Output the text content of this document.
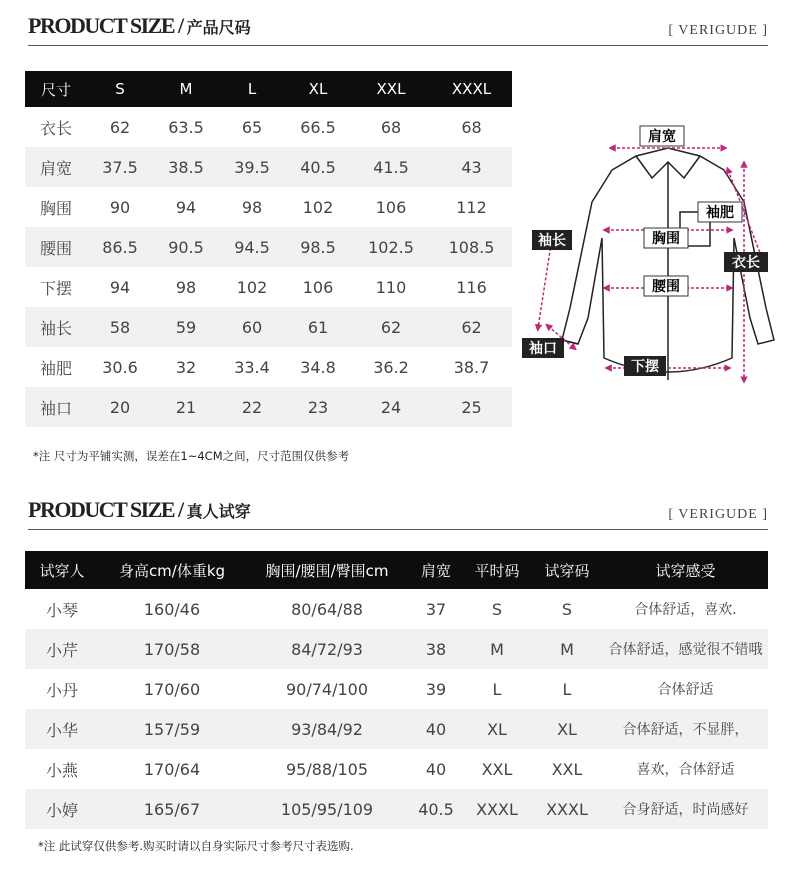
PRODUCT SIZE / 产品尺码	[ VERIGUDE ]
尺寸	S	M	L	XL	XXL	XXXL
衣长	62	63.5	65	66.5	68	68
肩宽	37.5	38.5	39.5	40.5	41.5	43
胸围	90	94	98	102	106	112
腰围	86.5	90.5	94.5	98.5	102.5	108.5
下摆	94	98	102	106	110	116
袖长	58	59	60	61	62	62
袖肥	30.6	32	33.4	34.8	36.2	38.7
袖口	20	21	22	23	24	25
*注 尺寸为平铺实测，误差在1~4CM之间，尺寸范围仅供参考
肩宽
袖肥
袖长	胸围
衣长
腰围
袖口
下摆
PRODUCT SIZE / 真人试穿	[ VERIGUDE ]
试穿人	身高cm/体重kg	胸围/腰围/臀围cm	肩宽	平时码	试穿码	试穿感受
小琴	160/46	80/64/88	37	S	S	合体舒适，喜欢.
小芹	170/58	84/72/93	38	M	M	合体舒适，感觉很不错哦
小丹	170/60	90/74/100	39	L	L	合体舒适
小华	157/59	93/84/92	40	XL	XL	合体舒适，不显胖，
小燕	170/64	95/88/105	40	XXL	XXL	喜欢，合体舒适
小婷	165/67	105/95/109	40.5	XXXL	XXXL	合身舒适，时尚感好
*注 此试穿仅供参考.购买时请以自身实际尺寸参考尺寸表选购.
